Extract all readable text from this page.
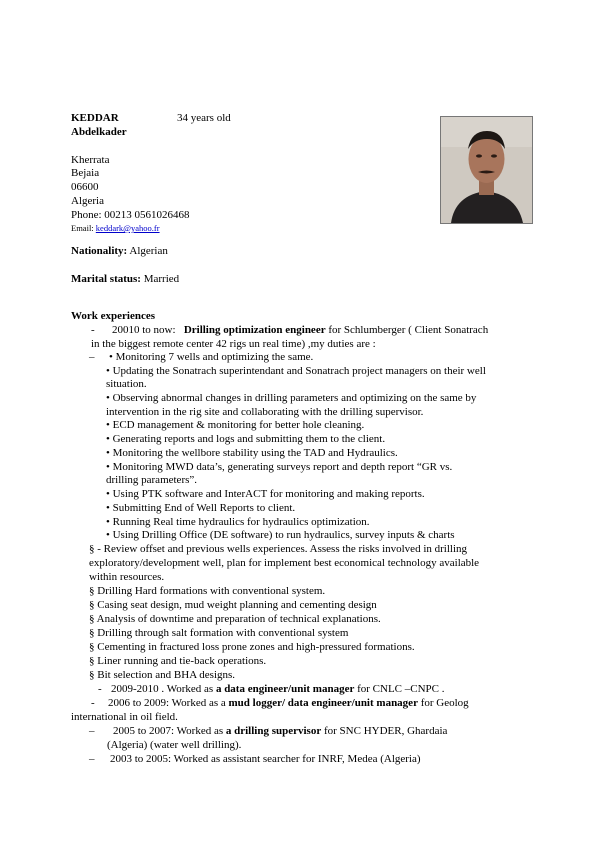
KEDDAR	34 years old
Abdelkader
Kherrata
Bejaia
06600
Algeria
Phone: 00213 0561026468
Email: keddark@yahoo.fr
Nationality: Algerian
Marital status: Married
Work experiences
- 20010 to now: Drilling optimization engineer for Schlumberger ( Client Sonatrach
in the biggest remote center 42 rigs un real time) ,my duties are :
– • Monitoring 7 wells and optimizing the same.
• Updating the Sonatrach superintendant and Sonatrach project managers on their well
situation.
• Observing abnormal changes in drilling parameters and optimizing on the same by
intervention in the rig site and collaborating with the drilling supervisor.
• ECD management & monitoring for better hole cleaning.
• Generating reports and logs and submitting them to the client.
• Monitoring the wellbore stability using the TAD and Hydraulics.
• Monitoring MWD data’s, generating surveys report and depth report “GR vs.
drilling parameters”.
• Using PTK software and InterACT for monitoring and making reports.
• Submitting End of Well Reports to client.
• Running Real time hydraulics for hydraulics optimization.
• Using Drilling Office (DE software) to run hydraulics, survey inputs & charts
§ - Review offset and previous wells experiences. Assess the risks involved in drilling
exploratory/development well, plan for implement best economical technology available
within resources.
§ Drilling Hard formations with conventional system.
§ Casing seat design, mud weight planning and cementing design
§ Analysis of downtime and preparation of technical explanations.
§ Drilling through salt formation with conventional system
§ Cementing in fractured loss prone zones and high-pressured formations.
§ Liner running and tie-back operations.
§ Bit selection and BHA designs.
- 2009-2010 . Worked as a data engineer/unit manager for CNLC –CNPC .
- 2006 to 2009: Worked as a mud logger/ data engineer/unit manager for Geolog
international in oil field.
– 2005 to 2007: Worked as a drilling supervisor for SNC HYDER, Ghardaia
(Algeria) (water well drilling).
– 2003 to 2005: Worked as assistant searcher for INRF, Medea (Algeria)
